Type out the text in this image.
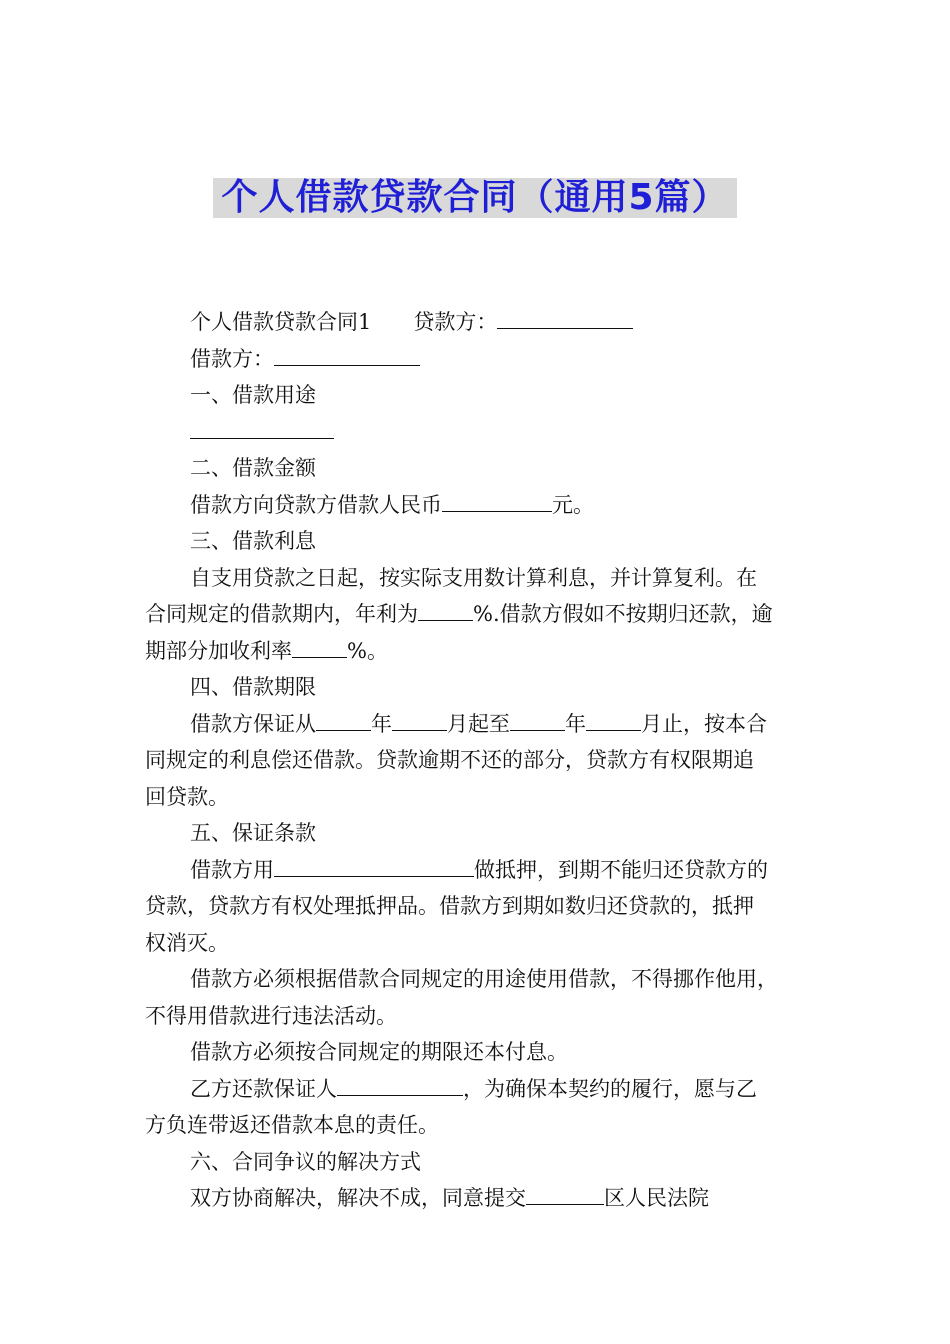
个人借款贷款合同（通用5篇）
个人借款贷款合同1 贷款方：
借款方：
一、借款用途
二、借款金额
借款方向贷款方借款人民币	元。
三、借款利息
自支用贷款之日起，按实际支用数计算利息，并计算复利。在
合同规定的借款期内，年利为	%.借款方假如不按期归还款，逾
期部分加收利率	%。
四、借款期限
借款方保证从	年	月起至	年	月止，按本合
同规定的利息偿还借款。贷款逾期不还的部分，贷款方有权限期追
回贷款。
五、保证条款
借款方用	做抵押，到期不能归还贷款方的
贷款，贷款方有权处理抵押品。借款方到期如数归还贷款的，抵押
权消灭。
借款方必须根据借款合同规定的用途使用借款，不得挪作他用，
不得用借款进行违法活动。
借款方必须按合同规定的期限还本付息。
乙方还款保证人	，为确保本契约的履行，愿与乙
方负连带返还借款本息的责任。
六、合同争议的解决方式
双方协商解决，解决不成，同意提交	区人民法院
